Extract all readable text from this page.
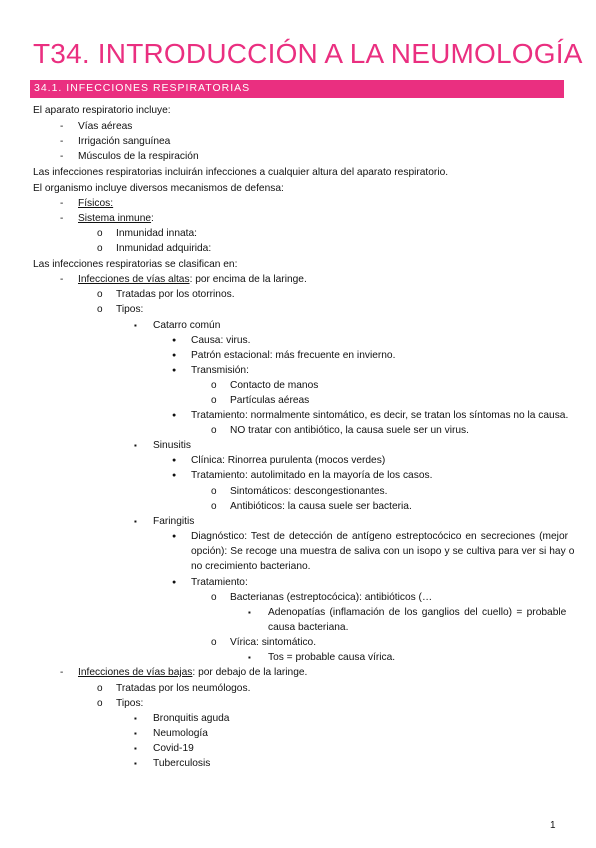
T34. INTRODUCCIÓN A LA NEUMOLOGÍA
34.1. INFECCIONES RESPIRATORIAS
El aparato respiratorio incluye:
- Vías aéreas
- Irrigación sanguínea
- Músculos de la respiración
Las infecciones respiratorias incluirán infecciones a cualquier altura del aparato respiratorio.
El organismo incluye diversos mecanismos de defensa:
- Físicos:
- Sistema inmune:
o Inmunidad innata:
o Inmunidad adquirida:
Las infecciones respiratorias se clasifican en:
- Infecciones de vías altas: por encima de la laringe.
o Tratadas por los otorrinos.
o Tipos:
▪ Catarro común
● Causa: virus.
● Patrón estacional: más frecuente en invierno.
● Transmisión:
o Contacto de manos
o Partículas aéreas
● Tratamiento: normalmente sintomático, es decir, se tratan los síntomas no la causa.
o NO tratar con antibiótico, la causa suele ser un virus.
▪ Sinusitis
● Clínica: Rinorrea purulenta (mocos verdes)
● Tratamiento: autolimitado en la mayoría de los casos.
o Sintomáticos: descongestionantes.
o Antibióticos: la causa suele ser bacteria.
▪ Faringitis
● Diagnóstico: Test de detección de antígeno estreptocócico en secreciones (mejor
opción): Se recoge una muestra de saliva con un isopo y se cultiva para ver si hay o
no crecimiento bacteriano.
● Tratamiento:
o Bacterianas (estreptocócica): antibióticos (…
▪ Adenopatías (inflamación de los ganglios del cuello) = probable
causa bacteriana.
o Vírica: sintomático.
▪ Tos = probable causa vírica.
- Infecciones de vías bajas: por debajo de la laringe.
o Tratadas por los neumólogos.
o Tipos:
▪ Bronquitis aguda
▪ Neumología
▪ Covid-19
▪ Tuberculosis
1
